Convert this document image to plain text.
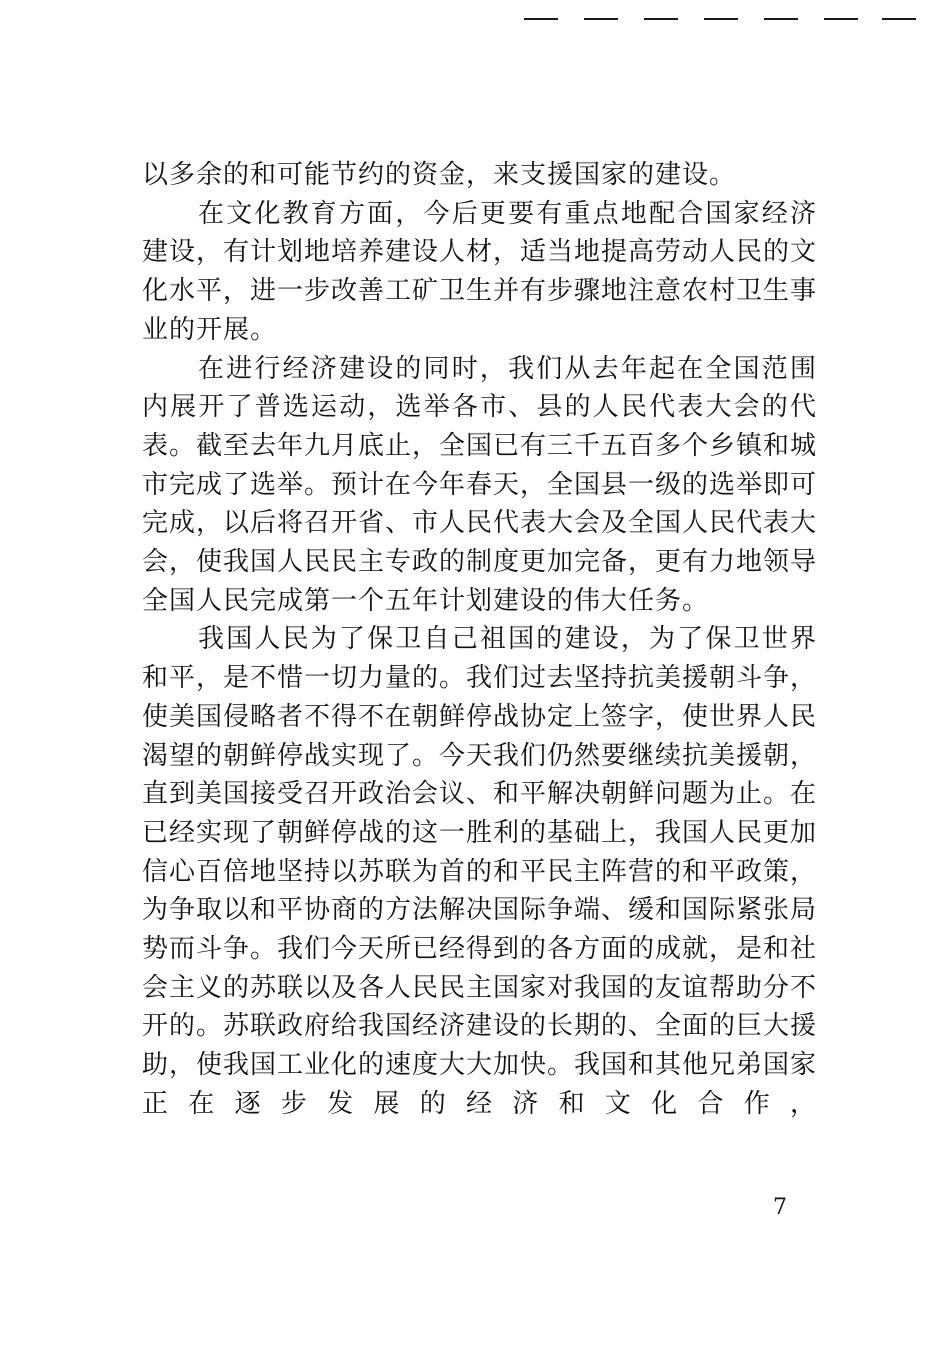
以多余的和可能节约的资金，来支援国家的建设。

在文化教育方面，今后更要有重点地配合国家经济建设，有计划地培养建设人材，适当地提高劳动人民的文化水平，进一步改善工矿卫生并有步骤地注意农村卫生事业的开展。

在进行经济建设的同时，我们从去年起在全国范围内展开了普选运动，选举各市、县的人民代表大会的代表。截至去年九月底止，全国已有三千五百多个乡镇和城市完成了选举。预计在今年春天，全国县一级的选举即可完成，以后将召开省、市人民代表大会及全国人民代表大会，使我国人民民主专政的制度更加完备，更有力地领导全国人民完成第一个五年计划建设的伟大任务。

我国人民为了保卫自己祖国的建设，为了保卫世界和平，是不惜一切力量的。我们过去坚持抗美援朝斗争，使美国侵略者不得不在朝鲜停战协定上签字，使世界人民渴望的朝鲜停战实现了。今天我们仍然要继续抗美援朝，直到美国接受召开政治会议、和平解决朝鲜问题为止。在已经实现了朝鲜停战的这一胜利的基础上，我国人民更加信心百倍地坚持以苏联为首的和平民主阵营的和平政策，为争取以和平协商的方法解决国际争端、缓和国际紧张局势而斗争。我们今天所已经得到的各方面的成就，是和社会主义的苏联以及各人民民主国家对我国的友谊帮助分不开的。苏联政府给我国经济建设的长期的、全面的巨大援助，使我国工业化的速度大大加快。我国和其他兄弟国家正在逐步发展的经济和文化合作，

7
